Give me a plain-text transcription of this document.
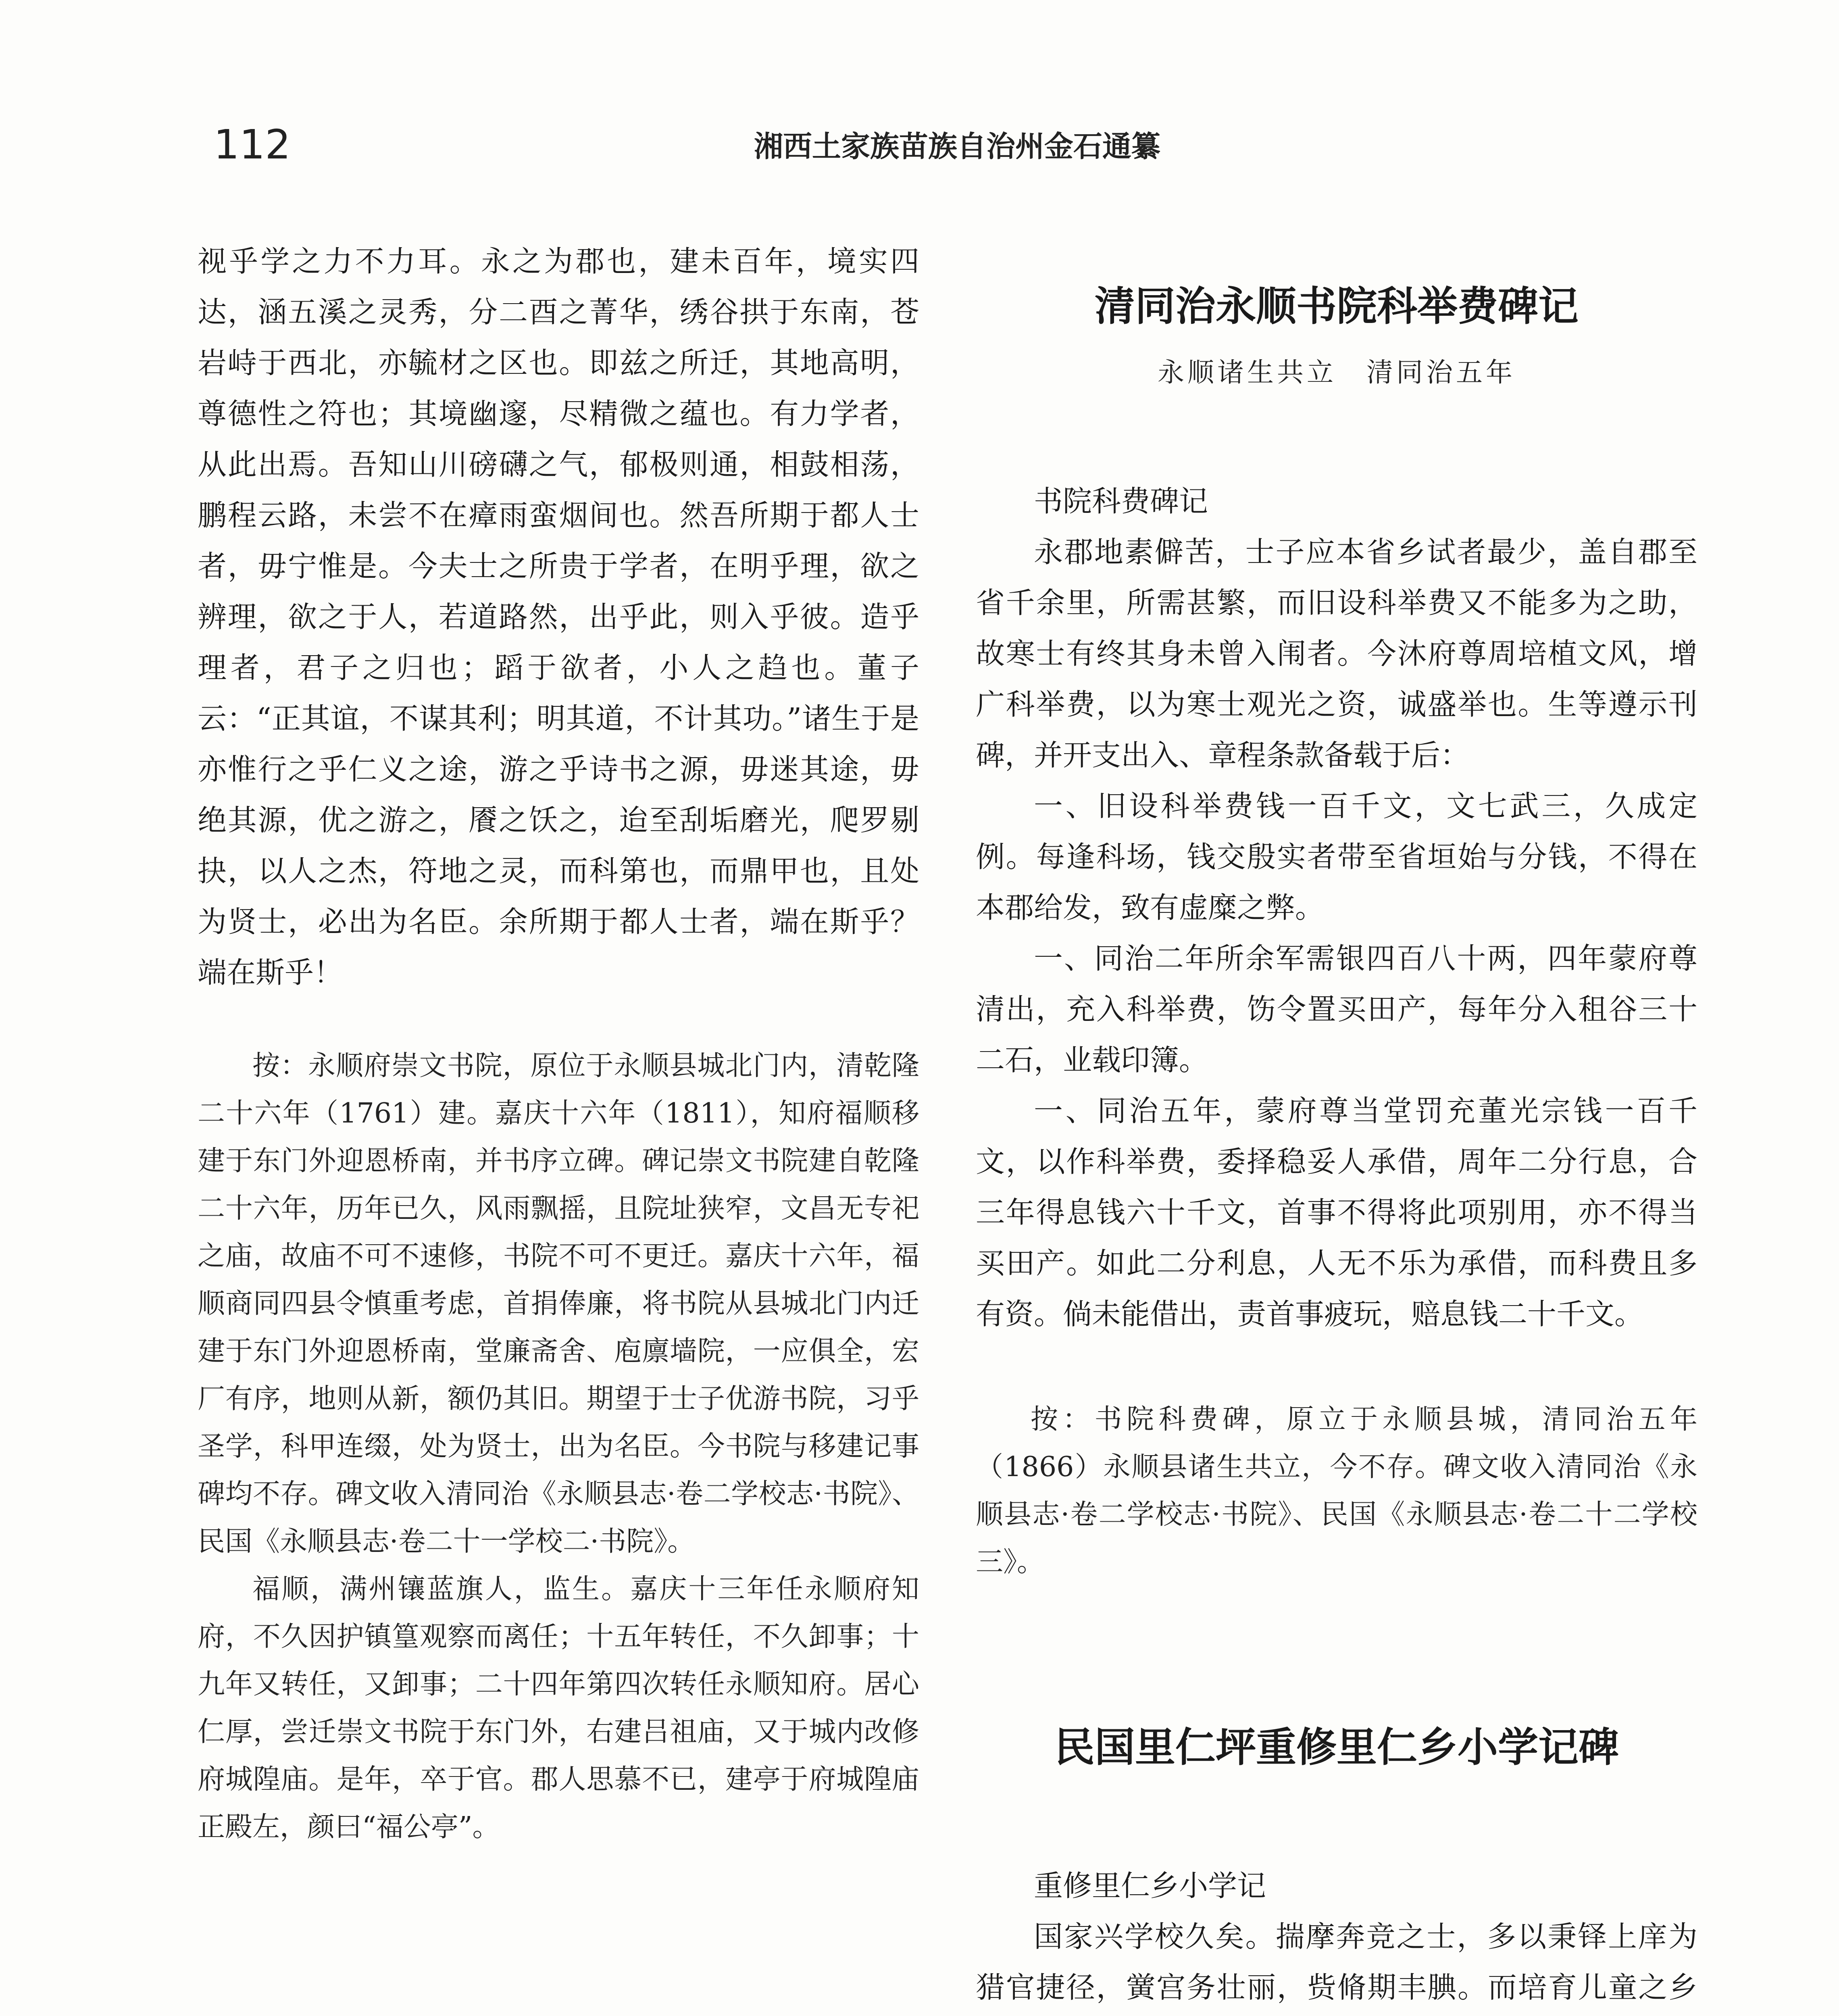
112	湘西土家族苗族自治州金石通纂

视乎学之力不力耳。永之为郡也，建未百年，境实四达，涵五溪之灵秀，分二酉之菁华，绣谷拱于东南，苍岩峙于西北，亦毓材之区也。即兹之所迁，其地高明，尊德性之符也；其境幽邃，尽精微之蕴也。有力学者，从此出焉。吾知山川磅礴之气，郁极则通，相鼓相荡，鹏程云路，未尝不在瘴雨蛮烟间也。然吾所期于都人士者，毋宁惟是。今夫士之所贵于学者，在明乎理，欲之辨理，欲之于人，若道路然，出乎此，则入乎彼。造乎理者，君子之归也；蹈于欲者，小人之趋也。董子云：“正其谊，不谋其利；明其道，不计其功。”诸生于是亦惟行之乎仁义之途，游之乎诗书之源，毋迷其途，毋绝其源，优之游之，餍之饫之，迨至刮垢磨光，爬罗剔抉，以人之杰，符地之灵，而科第也，而鼎甲也，且处为贤士，必出为名臣。余所期于都人士者，端在斯乎？端在斯乎！

按：永顺府崇文书院，原位于永顺县城北门内，清乾隆二十六年（1761）建。嘉庆十六年（1811），知府福顺移建于东门外迎恩桥南，并书序立碑。碑记崇文书院建自乾隆二十六年，历年已久，风雨飘摇，且院址狭窄，文昌无专祀之庙，故庙不可不速修，书院不可不更迁。嘉庆十六年，福顺商同四县令慎重考虑，首捐俸廉，将书院从县城北门内迁建于东门外迎恩桥南，堂廉斋舍、庖廪墙院，一应俱全，宏厂有序，地则从新，额仍其旧。期望于士子优游书院，习乎圣学，科甲连缀，处为贤士，出为名臣。今书院与移建记事碑均不存。碑文收入清同治《永顺县志·卷二学校志·书院》、民国《永顺县志·卷二十一学校二·书院》。

福顺，满州镶蓝旗人，监生。嘉庆十三年任永顺府知府，不久因护镇篁观察而离任；十五年转任，不久卸事；十九年又转任，又卸事；二十四年第四次转任永顺知府。居心仁厚，尝迁崇文书院于东门外，右建吕祖庙，又于城内改修府城隍庙。是年，卒于官。郡人思慕不已，建亭于府城隍庙正殿左，颜曰“福公亭”。

清同治永顺书院科举费碑记

永顺诸生共立　清同治五年

书院科费碑记

永郡地素僻苦，士子应本省乡试者最少，盖自郡至省千余里，所需甚繁，而旧设科举费又不能多为之助，故寒士有终其身未曾入闱者。今沐府尊周培植文风，增广科举费，以为寒士观光之资，诚盛举也。生等遵示刊碑，并开支出入、章程条款备载于后：

一、旧设科举费钱一百千文，文七武三，久成定例。每逢科场，钱交殷实者带至省垣始与分钱，不得在本郡给发，致有虚糜之弊。

一、同治二年所余军需银四百八十两，四年蒙府尊清出，充入科举费，饬令置买田产，每年分入租谷三十二石，业载印簿。

一、同治五年，蒙府尊当堂罚充董光宗钱一百千文，以作科举费，委择稳妥人承借，周年二分行息，合三年得息钱六十千文，首事不得将此项别用，亦不得当买田产。如此二分利息，人无不乐为承借，而科费且多有资。倘未能借出，责首事疲玩，赔息钱二十千文。

按：书院科费碑，原立于永顺县城，清同治五年（1866）永顺县诸生共立，今不存。碑文收入清同治《永顺县志·卷二学校志·书院》、民国《永顺县志·卷二十二学校三》。

民国里仁坪重修里仁乡小学记碑

重修里仁乡小学记

国家兴学校久矣。揣摩奔竞之士，多以秉铎上庠为猎官捷径，黉宫务壮丽，赀脩期丰腆。而培育儿童之乡
